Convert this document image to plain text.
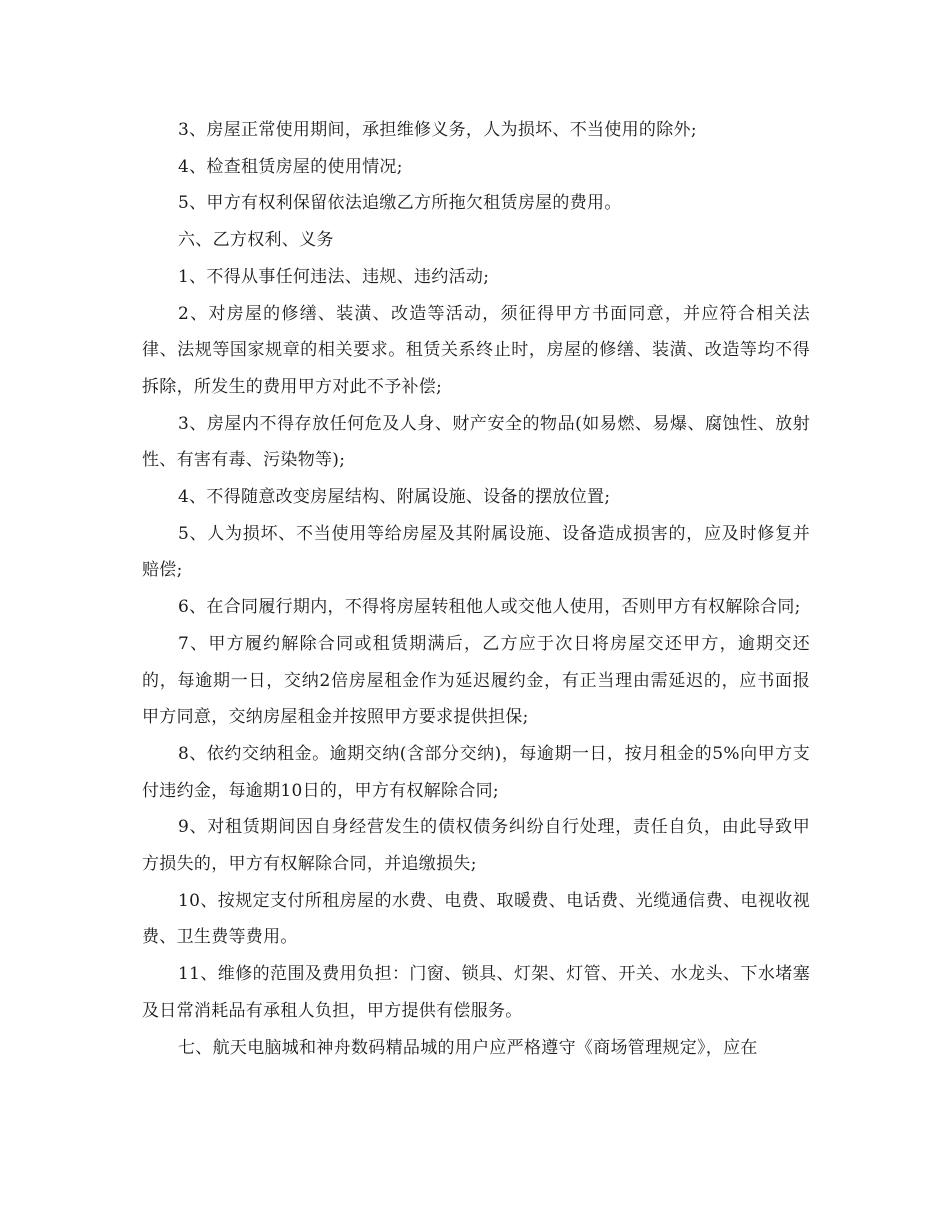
3、房屋正常使用期间，承担维修义务，人为损坏、不当使用的除外;

4、检查租赁房屋的使用情况;

5、甲方有权利保留依法追缴乙方所拖欠租赁房屋的费用。

六、乙方权利、义务

1、不得从事任何违法、违规、违约活动;

2、对房屋的修缮、装潢、改造等活动，须征得甲方书面同意，并应符合相关法律、法规等国家规章的相关要求。租赁关系终止时，房屋的修缮、装潢、改造等均不得拆除，所发生的费用甲方对此不予补偿;

3、房屋内不得存放任何危及人身、财产安全的物品(如易燃、易爆、腐蚀性、放射性、有害有毒、污染物等);

4、不得随意改变房屋结构、附属设施、设备的摆放位置;

5、人为损坏、不当使用等给房屋及其附属设施、设备造成损害的，应及时修复并赔偿;

6、在合同履行期内，不得将房屋转租他人或交他人使用，否则甲方有权解除合同;

7、甲方履约解除合同或租赁期满后，乙方应于次日将房屋交还甲方，逾期交还的，每逾期一日，交纳2倍房屋租金作为延迟履约金，有正当理由需延迟的，应书面报甲方同意，交纳房屋租金并按照甲方要求提供担保;

8、依约交纳租金。逾期交纳(含部分交纳)，每逾期一日，按月租金的5%向甲方支付违约金，每逾期10日的，甲方有权解除合同;

9、对租赁期间因自身经营发生的债权债务纠纷自行处理，责任自负，由此导致甲方损失的，甲方有权解除合同，并追缴损失;

10、按规定支付所租房屋的水费、电费、取暖费、电话费、光缆通信费、电视收视费、卫生费等费用。

11、维修的范围及费用负担：门窗、锁具、灯架、灯管、开关、水龙头、下水堵塞及日常消耗品有承租人负担，甲方提供有偿服务。

七、航天电脑城和神舟数码精品城的用户应严格遵守《商场管理规定》，应在
